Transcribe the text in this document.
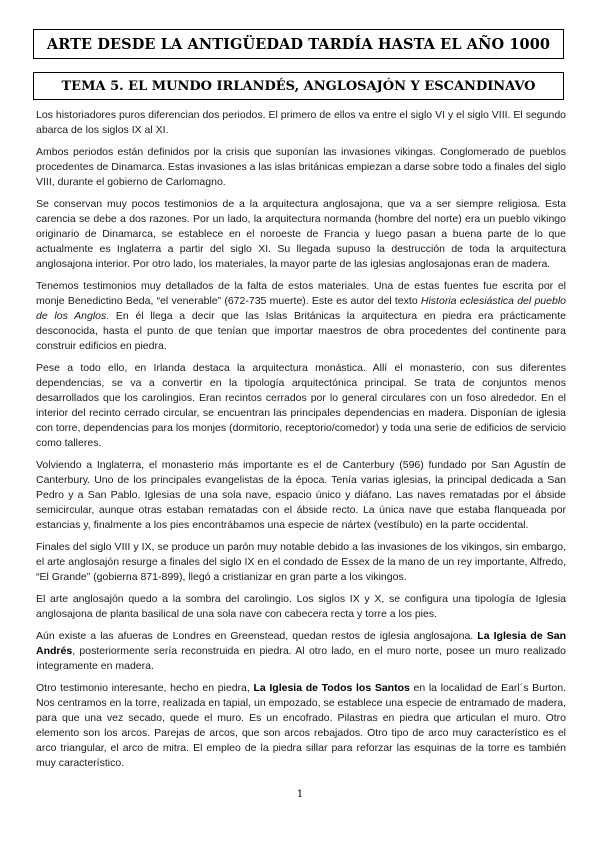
ARTE DESDE LA ANTIGÜEDAD TARDÍA HASTA EL AÑO 1000
TEMA 5. EL MUNDO IRLANDÉS, ANGLOSAJÓN Y ESCANDINAVO

Los historiadores puros diferencian dos periodos. El primero de ellos va entre el siglo VI y el siglo VIII. El segundo abarca de los siglos IX al XI.

Ambos periodos están definidos por la crisis que suponían las invasiones vikingas. Conglomerado de pueblos procedentes de Dinamarca. Estas invasiones a las islas británicas empiezan a darse sobre todo a finales del siglo VIII, durante el gobierno de Carlomagno.

Se conservan muy pocos testimonios de a la arquitectura anglosajona, que va a ser siempre religiosa. Esta carencia se debe a dos razones. Por un lado, la arquitectura normanda (hombre del norte) era un pueblo vikingo originario de Dinamarca, se establece en el noroeste de Francia y luego pasan a buena parte de lo que actualmente es Inglaterra a partir del siglo XI. Su llegada supuso la destrucción de toda la arquitectura anglosajona interior. Por otro lado, los materiales, la mayor parte de las iglesias anglosajonas eran de madera.

Tenemos testimonios muy detallados de la falta de estos materiales. Una de estas fuentes fue escrita por el monje Benedictino Beda, “el venerable” (672-735 muerte). Este es autor del texto Historia eclesiástica del pueblo de los Anglos. En él llega a decir que las Islas Británicas la arquitectura en piedra era prácticamente desconocida, hasta el punto de que tenían que importar maestros de obra procedentes del continente para construir edificios en piedra.

Pese a todo ello, en Irlanda destaca la arquitectura monástica. Allí el monasterio, con sus diferentes dependencias, se va a convertir en la tipología arquitectónica principal. Se trata de conjuntos menos desarrollados que los carolingios. Eran recintos cerrados por lo general circulares con un foso alrededor. En el interior del recinto cerrado circular, se encuentran las principales dependencias en madera. Disponían de iglesia con torre, dependencias para los monjes (dormitorio, receptorio/comedor) y toda una serie de edificios de servicio como talleres.

Volviendo a Inglaterra, el monasterio más importante es el de Canterbury (596) fundado por San Agustín de Canterbury. Uno de los principales evangelistas de la época. Tenía varias iglesias, la principal dedicada a San Pedro y a San Pablo. Iglesias de una sola nave, espacio único y diáfano. Las naves rematadas por el ábside semicircular, aunque otras estaban rematadas con el ábside recto. La única nave que estaba flanqueada por estancias y, finalmente a los pies encontrábamos una especie de nártex (vestíbulo) en la parte occidental.

Finales del siglo VIII y IX, se produce un parón muy notable debido a las invasiones de los vikingos, sin embargo, el arte anglosajón resurge a finales del siglo IX en el condado de Essex de la mano de un rey importante, Alfredo, “El Grande” (gobierna 871-899), llegó a cristianizar en gran parte a los vikingos.

El arte anglosajón quedo a la sombra del carolingio. Los siglos IX y X, se configura una tipología de Iglesia anglosajona de planta basilical de una sola nave con cabecera recta y torre a los pies.

Aún existe a las afueras de Londres en Greenstead, quedan restos de iglesia anglosajona. La Iglesia de San Andrés, posteriormente sería reconstruida en piedra. Al otro lado, en el muro norte, posee un muro realizado íntegramente en madera.

Otro testimonio interesante, hecho en piedra, La Iglesia de Todos los Santos en la localidad de Earl´s Burton. Nos centramos en la torre, realizada en tapial, un empozado, se establece una especie de entramado de madera, para que una vez secado, quede el muro. Es un encofrado. Pilastras en piedra que articulan el muro. Otro elemento son los arcos. Parejas de arcos, que son arcos rebajados. Otro tipo de arco muy característico es el arco triangular, el arco de mitra. El empleo de la piedra sillar para reforzar las esquinas de la torre es también muy característico.

1
